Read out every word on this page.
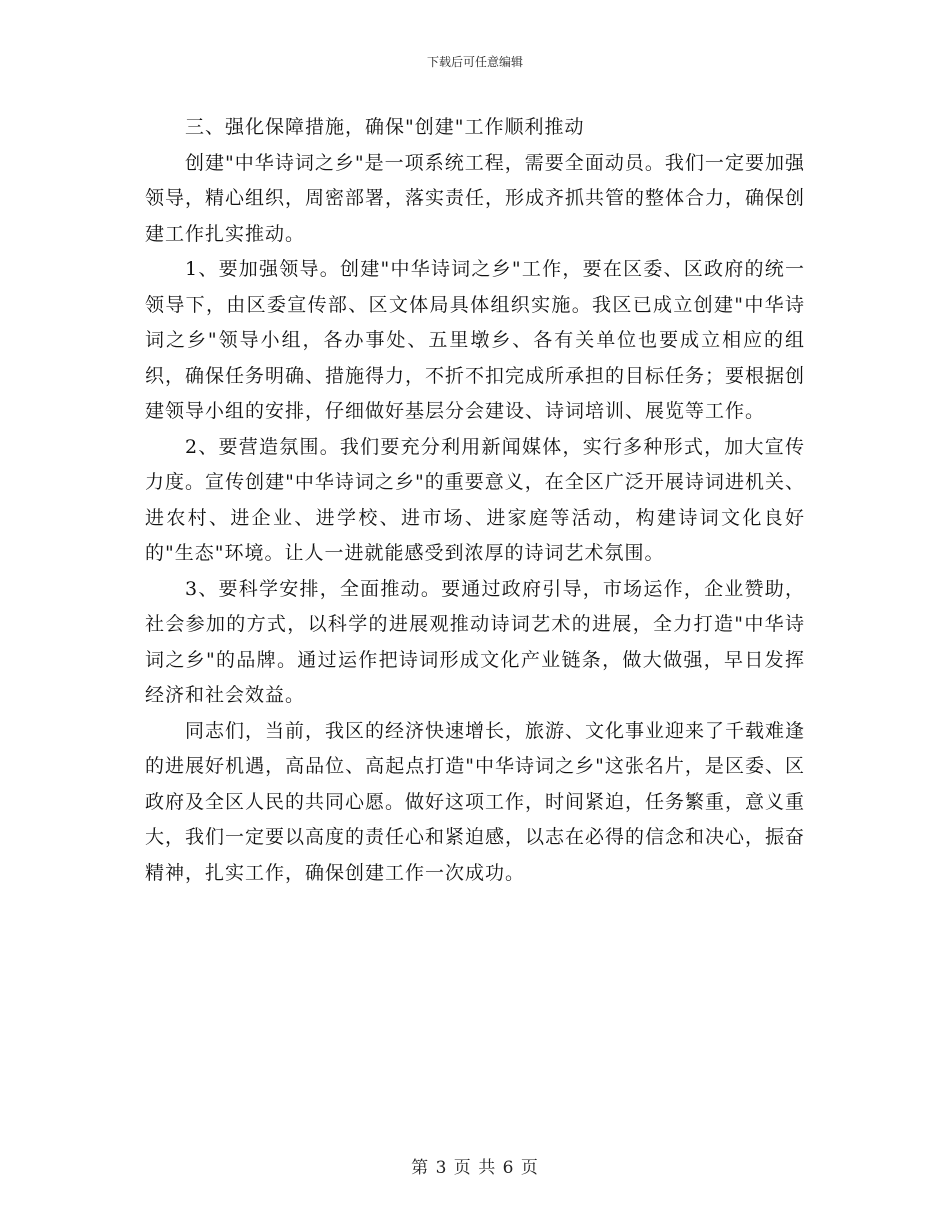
下载后可任意编辑

三、强化保障措施，确保"创建"工作顺利推动

创建"中华诗词之乡"是一项系统工程，需要全面动员。我们一定要加强领导，精心组织，周密部署，落实责任，形成齐抓共管的整体合力，确保创建工作扎实推动。

1、要加强领导。创建"中华诗词之乡"工作，要在区委、区政府的统一领导下，由区委宣传部、区文体局具体组织实施。我区已成立创建"中华诗词之乡"领导小组，各办事处、五里墩乡、各有关单位也要成立相应的组织，确保任务明确、措施得力，不折不扣完成所承担的目标任务；要根据创建领导小组的安排，仔细做好基层分会建设、诗词培训、展览等工作。

2、要营造氛围。我们要充分利用新闻媒体，实行多种形式，加大宣传力度。宣传创建"中华诗词之乡"的重要意义，在全区广泛开展诗词进机关、进农村、进企业、进学校、进市场、进家庭等活动，构建诗词文化良好的"生态"环境。让人一进就能感受到浓厚的诗词艺术氛围。

3、要科学安排，全面推动。要通过政府引导，市场运作，企业赞助，社会参加的方式，以科学的进展观推动诗词艺术的进展，全力打造"中华诗词之乡"的品牌。通过运作把诗词形成文化产业链条，做大做强，早日发挥经济和社会效益。

同志们，当前，我区的经济快速增长，旅游、文化事业迎来了千载难逢的进展好机遇，高品位、高起点打造"中华诗词之乡"这张名片，是区委、区政府及全区人民的共同心愿。做好这项工作，时间紧迫，任务繁重，意义重大，我们一定要以高度的责任心和紧迫感，以志在必得的信念和决心，振奋精神，扎实工作，确保创建工作一次成功。

第 3 页 共 6 页
